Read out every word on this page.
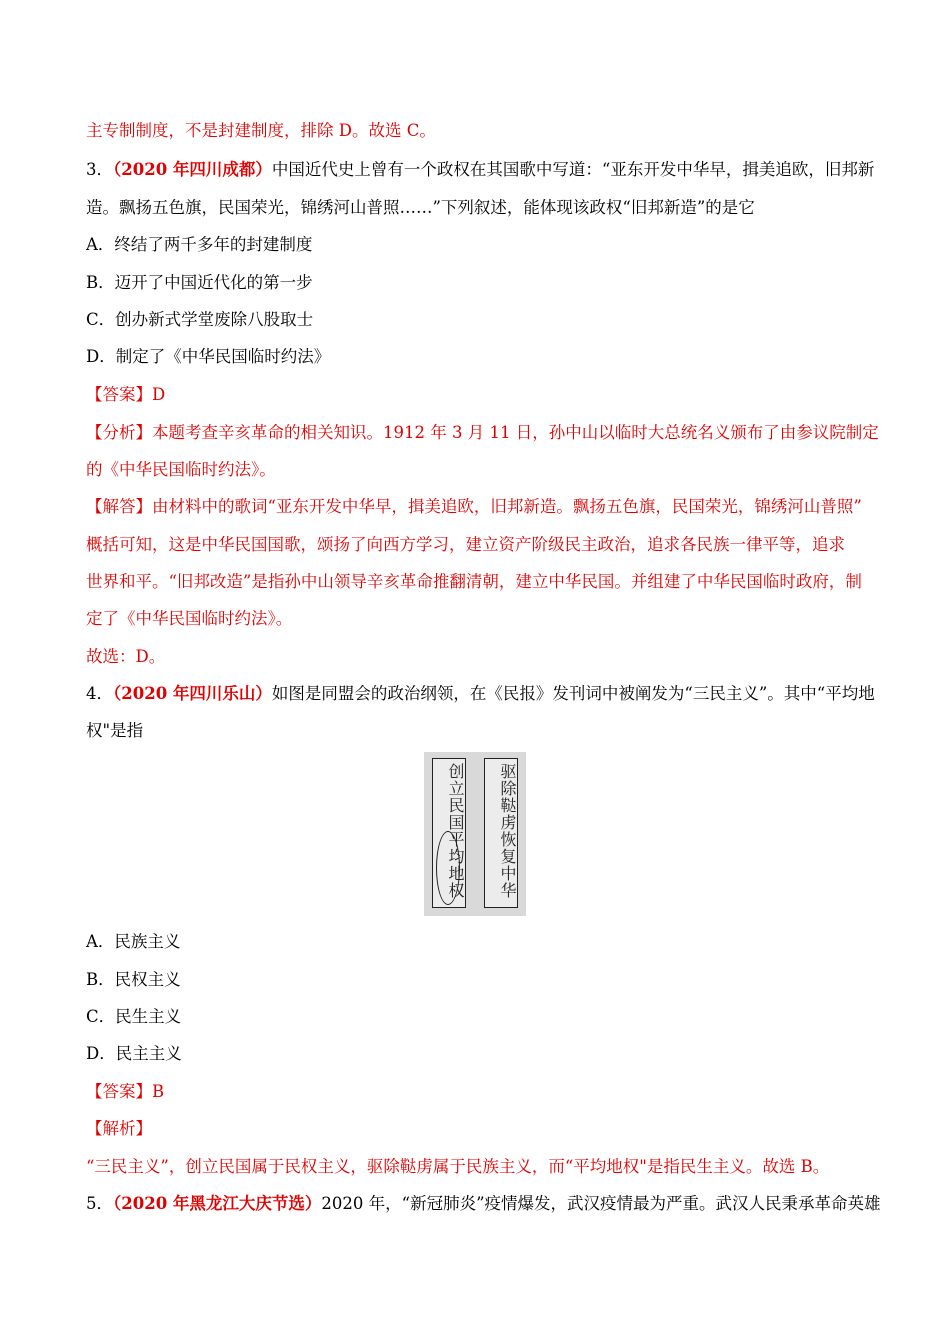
主专制制度，不是封建制度，排除 D。故选 C。
3．（2020 年四川成都）中国近代史上曾有一个政权在其国歌中写道：“亚东开发中华早，揖美追欧，旧邦新
造。飘扬五色旗，民国荣光，锦绣河山普照……”下列叙述，能体现该政权“旧邦新造”的是它
A．终结了两千多年的封建制度
B．迈开了中国近代化的第一步
C．创办新式学堂废除八股取士
D．制定了《中华民国临时约法》
【答案】D
【分析】本题考查辛亥革命的相关知识。1912 年 3 月 11 日，孙中山以临时大总统名义颁布了由参议院制定
的《中华民国临时约法》。
【解答】由材料中的歌词“亚东开发中华早，揖美追欧，旧邦新造。飘扬五色旗，民国荣光，锦绣河山普照”
概括可知，这是中华民国国歌，颂扬了向西方学习，建立资产阶级民主政治，追求各民族一律平等，追求
世界和平。“旧邦改造”是指孙中山领导辛亥革命推翻清朝，建立中华民国。并组建了中华民国临时政府，制
定了《中华民国临时约法》。
故选：D。
4．（2020 年四川乐山）如图是同盟会的政治纲领，在《民报》发刊词中被阐发为“三民主义”。其中“平均地
权"是指
创立民国平均地权	驱除鞑虏恢复中华
A．民族主义
B．民权主义
C．民生主义
D．民主主义
【答案】B
【解析】
“三民主义”，创立民国属于民权主义，驱除鞑虏属于民族主义，而“平均地权"是指民生主义。故选 B。
5．（2020 年黑龙江大庆节选）2020 年，“新冠肺炎”疫情爆发，武汉疫情最为严重。武汉人民秉承革命英雄
